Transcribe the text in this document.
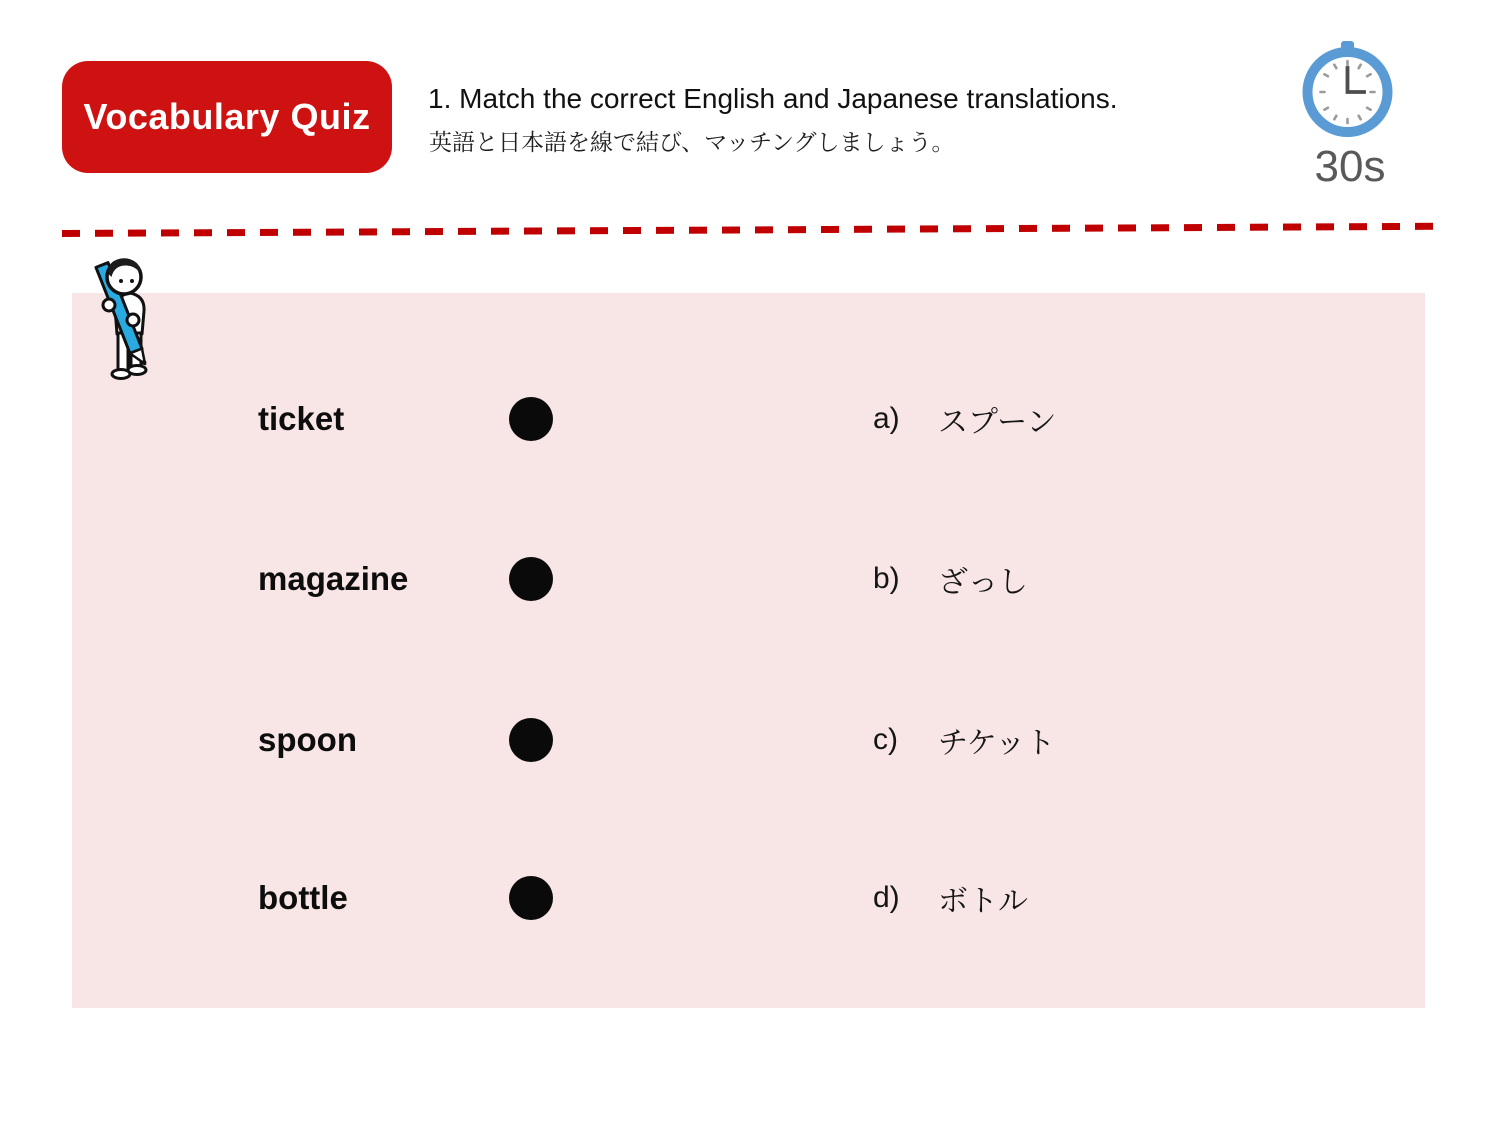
Vocabulary Quiz	1. Match the correct English and Japanese translations.
英語と日本語を線で結び、マッチングしましょう。	30s
ticket	a) スプーン
magazine	b) ざっし
spoon	c) チケット
bottle	d) ボトル
